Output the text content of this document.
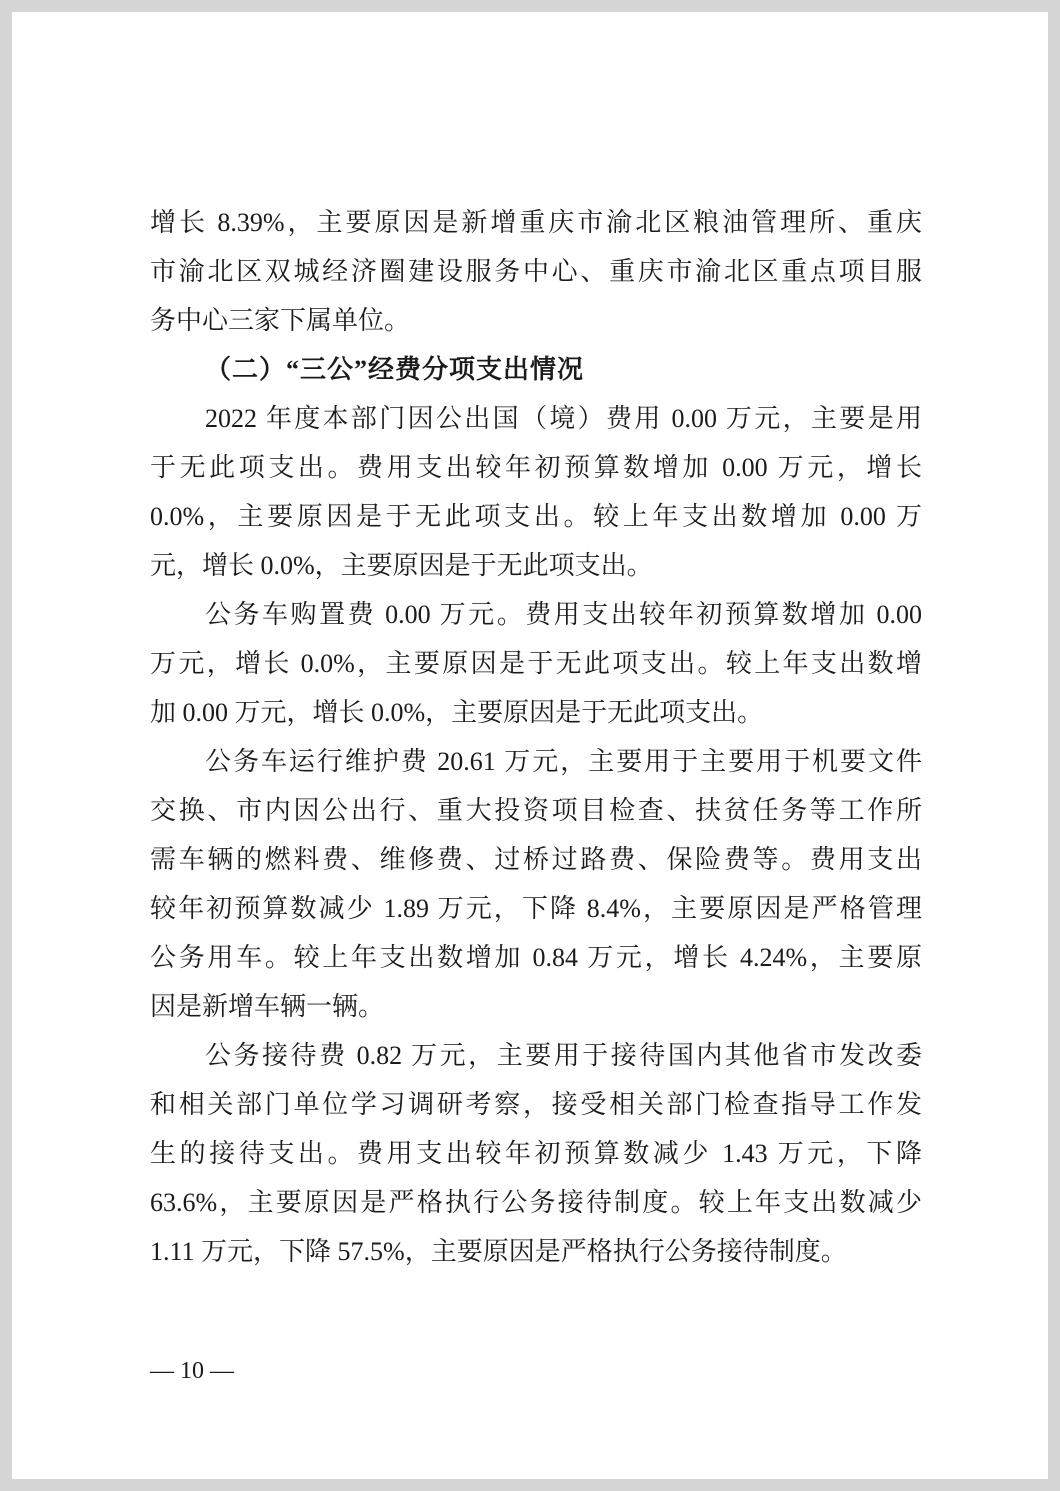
增长 8.39%，主要原因是新增重庆市渝北区粮油管理所、重庆
市渝北区双城经济圈建设服务中心、重庆市渝北区重点项目服
务中心三家下属单位。
（二）“三公”经费分项支出情况
2022 年度本部门因公出国（境）费用 0.00 万元，主要是用
于无此项支出。费用支出较年初预算数增加 0.00 万元，增长
0.0%，主要原因是于无此项支出。较上年支出数增加 0.00 万
元，增长 0.0%，主要原因是于无此项支出。
公务车购置费 0.00 万元。费用支出较年初预算数增加 0.00
万元，增长 0.0%，主要原因是于无此项支出。较上年支出数增
加 0.00 万元，增长 0.0%，主要原因是于无此项支出。
公务车运行维护费 20.61 万元，主要用于主要用于机要文件
交换、市内因公出行、重大投资项目检查、扶贫任务等工作所
需车辆的燃料费、维修费、过桥过路费、保险费等。费用支出
较年初预算数减少 1.89 万元，下降 8.4%，主要原因是严格管理
公务用车。较上年支出数增加 0.84 万元，增长 4.24%，主要原
因是新增车辆一辆。
公务接待费 0.82 万元，主要用于接待国内其他省市发改委
和相关部门单位学习调研考察，接受相关部门检查指导工作发
生的接待支出。费用支出较年初预算数减少 1.43 万元，下降
63.6%，主要原因是严格执行公务接待制度。较上年支出数减少
1.11 万元，下降 57.5%，主要原因是严格执行公务接待制度。
— 10 —
